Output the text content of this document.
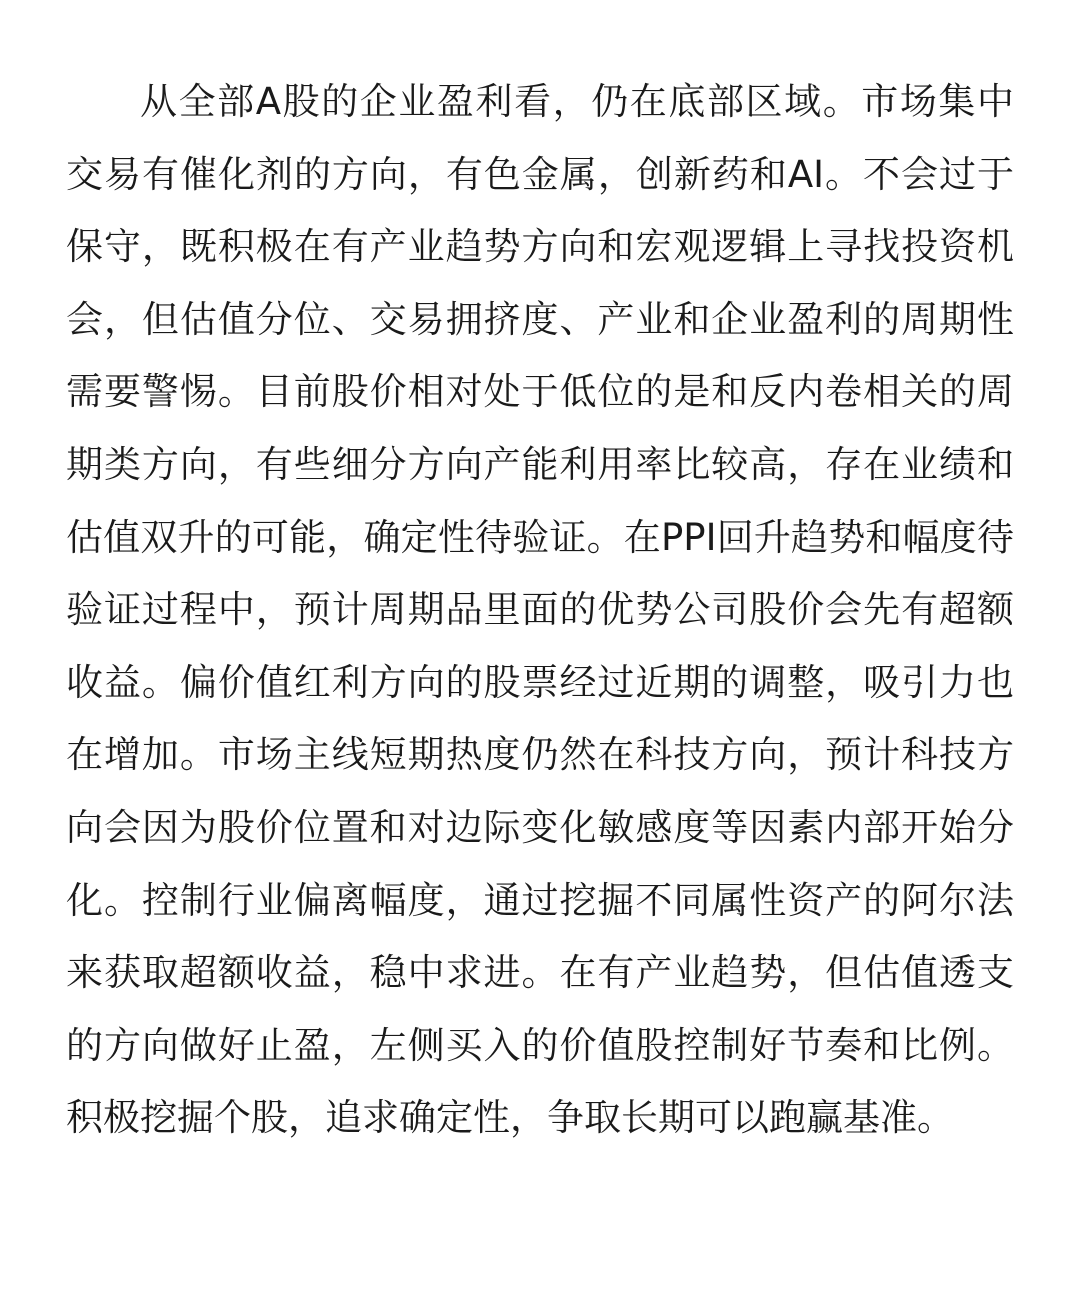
从全部A股的企业盈利看，仍在底部区域。市场集中交易有催化剂的方向，有色金属，创新药和AI。不会过于保守，既积极在有产业趋势方向和宏观逻辑上寻找投资机会，但估值分位、交易拥挤度、产业和企业盈利的周期性需要警惕。目前股价相对处于低位的是和反内卷相关的周期类方向，有些细分方向产能利用率比较高，存在业绩和估值双升的可能，确定性待验证。在PPI回升趋势和幅度待验证过程中，预计周期品里面的优势公司股价会先有超额收益。偏价值红利方向的股票经过近期的调整，吸引力也在增加。市场主线短期热度仍然在科技方向，预计科技方向会因为股价位置和对边际变化敏感度等因素内部开始分化。控制行业偏离幅度，通过挖掘不同属性资产的阿尔法来获取超额收益，稳中求进。在有产业趋势，但估值透支的方向做好止盈，左侧买入的价值股控制好节奏和比例。积极挖掘个股，追求确定性，争取长期可以跑赢基准。
